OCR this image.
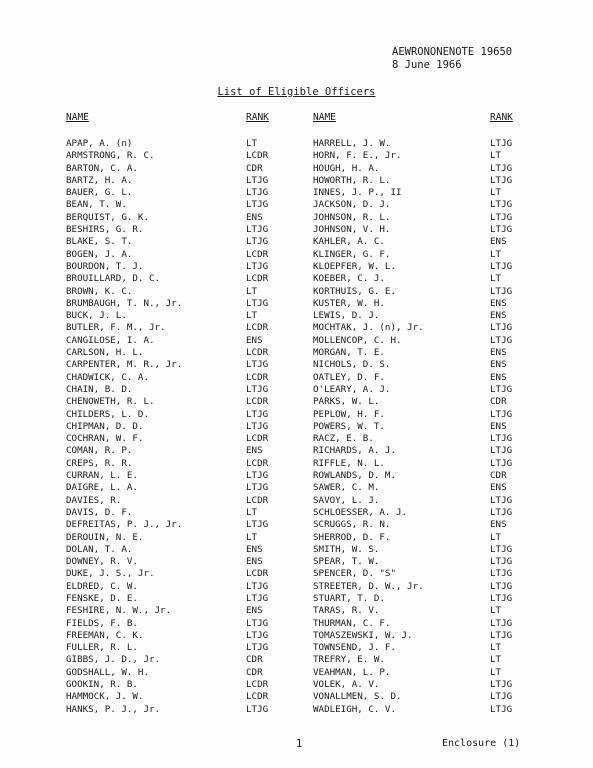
AEWRONONENOTE 19650
8 June 1966
List of Eligible Officers
NAME	RANK	NAME	RANK
APAP, A. (n)	LT	HARRELL, J. W.	LTJG
ARMSTRONG, R. C.	LCDR	HORN, F. E., Jr.	LT
BARTON, C. A.	CDR	HOUGH, H. A.	LTJG
BARTZ, H. A.	LTJG	HOWORTH, R. L.	LTJG
BAUER, G. L.	LTJG	INNES, J. P., II	LT
BEAN, T. W.	LTJG	JACKSON, D. J.	LTJG
BERQUIST, G. K.	ENS	JOHNSON, R. L.	LTJG
BESHIRS, G. R.	LTJG	JOHNSON, V. H.	LTJG
BLAKE, S. T.	LTJG	KAHLER, A. C.	ENS
BOGEN, J. A.	LCDR	KLINGER, G. F.	LT
BOURDON, T. J.	LTJG	KLOEPFER, W. L.	LTJG
BROUILLARD, D. C.	LCDR	KOEBER, C. J.	LT
BROWN, K. C.	LT	KORTHUIS, G. E.	LTJG
BRUMBAUGH, T. N., Jr.	LTJG	KUSTER, W. H.	ENS
BUCK, J. L.	LT	LEWIS, D. J.	ENS
BUTLER, F. M., Jr.	LCDR	MOCHTAK, J. (n), Jr.	LTJG
CANGILOSE, I. A.	ENS	MOLLENCOP, C. H.	LTJG
CARLSON, H. L.	LCDR	MORGAN, T. E.	ENS
CARPENTER, M. R., Jr.	LTJG	NICHOLS, D. S.	ENS
CHADWICK, C. A.	LCDR	OATLEY, D. F.	ENS
CHAIN, B. D.	LTJG	O'LEARY, A. J.	LTJG
CHENOWETH, R. L.	LCDR	PARKS, W. L.	CDR
CHILDERS, L. D.	LTJG	PEPLOW, H. F.	LTJG
CHIPMAN, D. D.	LTJG	POWERS, W. T.	ENS
COCHRAN, W. F.	LCDR	RACZ, E. B.	LTJG
COMAN, R. P.	ENS	RICHARDS, A. J.	LTJG
CREPS, R. R.	LCDR	RIFFLE, N. L.	LTJG
CURRAN, L. E.	LTJG	ROWLANDS, D. M.	CDR
DAIGRE, L. A.	LTJG	SAWER, C. M.	ENS
DAVIES, R.	LCDR	SAVOY, L. J.	LTJG
DAVIS, D. F.	LT	SCHLOESSER, A. J.	LTJG
DEFREITAS, P. J., Jr.	LTJG	SCRUGGS, R. N.	ENS
DEROUIN, N. E.	LT	SHERROD, D. F.	LT
DOLAN, T. A.	ENS	SMITH, W. S.	LTJG
DOWNEY, R. V.	ENS	SPEAR, T. W.	LTJG
DUKE, J. S., Jr.	LCDR	SPENCER, D. "S"	LTJG
ELDRED, C. W.	LTJG	STREETER, D. W., Jr.	LTJG
FENSKE, D. E.	LTJG	STUART, T. D.	LTJG
FESHIRE, N. W., Jr.	ENS	TARAS, R. V.	LT
FIELDS, F. B.	LTJG	THURMAN, C. F.	LTJG
FREEMAN, C. K.	LTJG	TOMASZEWSKI, W. J.	LTJG
FULLER, R. L.	LTJG	TOWNSEND, J. F.	LT
GIBBS, J. D., Jr.	CDR	TREFRY, E. W.	LT
GODSHALL, W. H.	CDR	VEAHMAN, L. P.	LT
GOOKIN, R. B.	LCDR	VOLEK, A. V.	LTJG
HAMMOCK, J. W.	LCDR	VONALLMEN, S. D.	LTJG
HANKS, P. J., Jr.	LTJG	WADLEIGH, C. V.	LTJG
1	Enclosure (1)
